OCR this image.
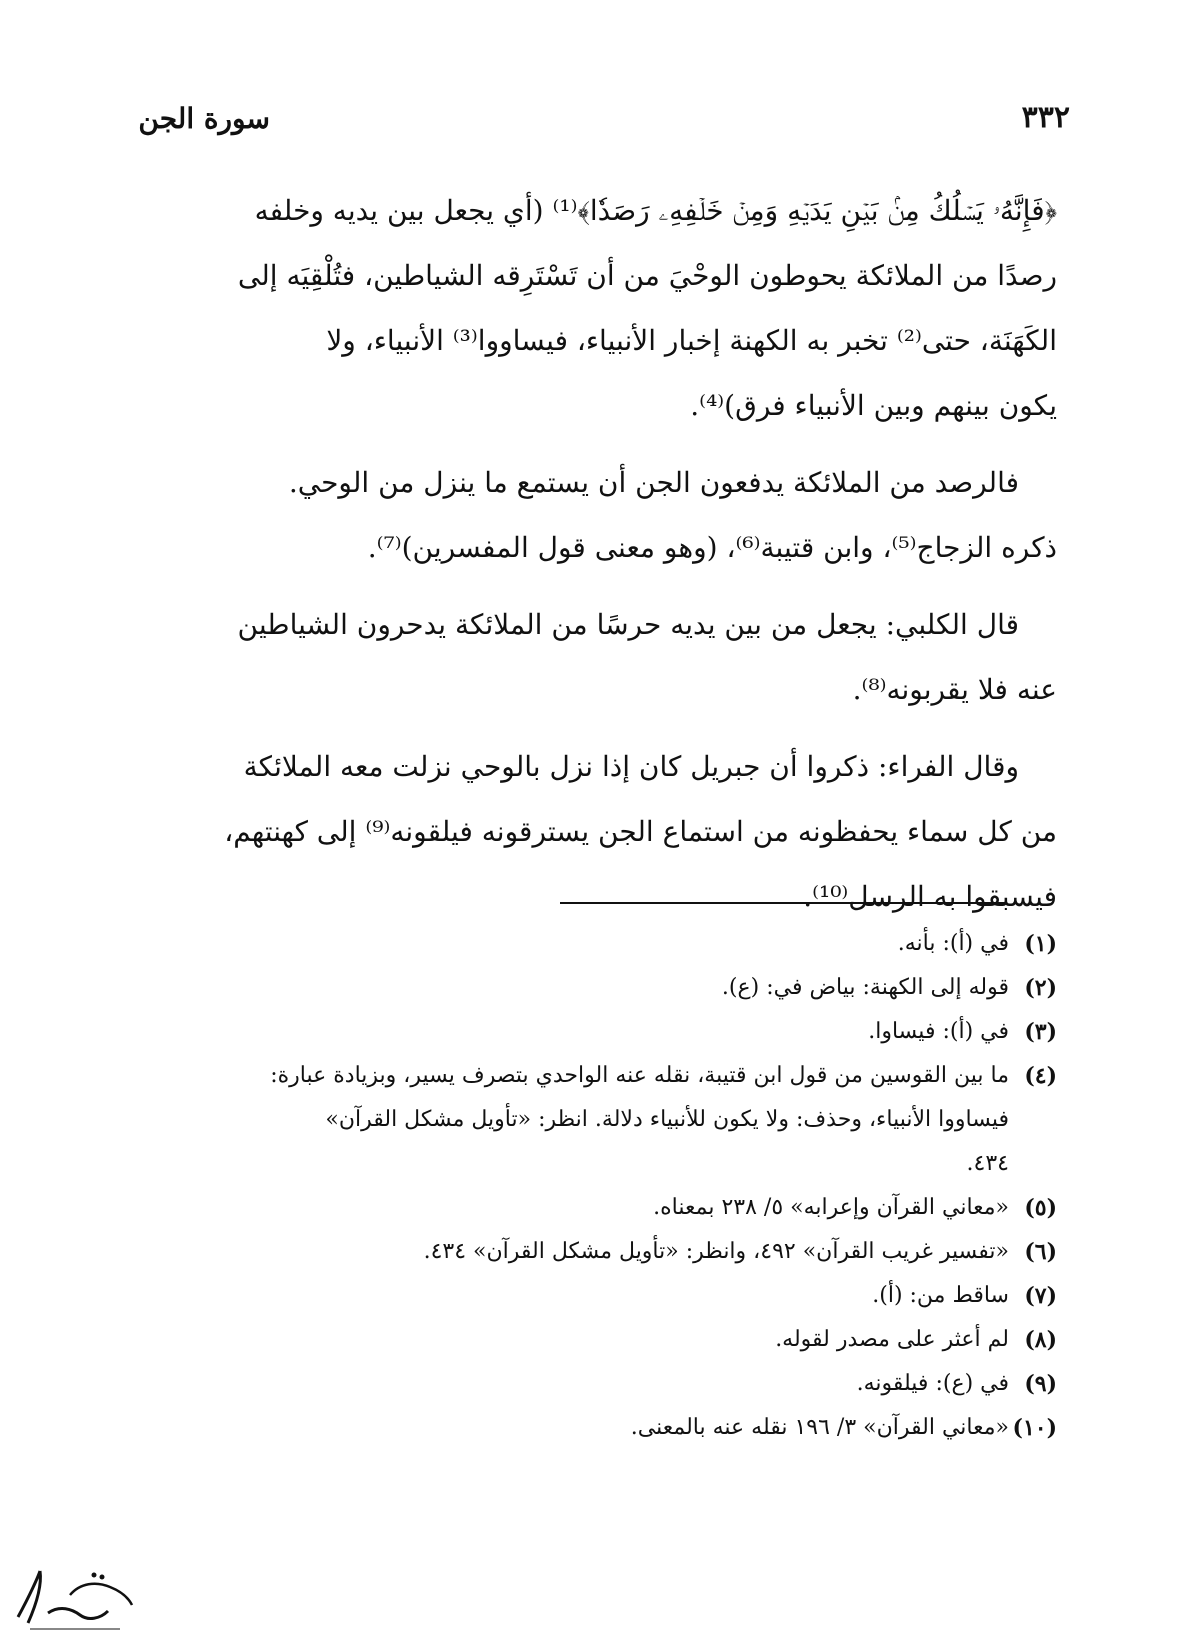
سورة الجن	٣٣٢

﴿فَإِنَّهُۥ يَسۡلُكُ مِنۢ بَيۡنِ يَدَيۡهِ وَمِنۡ خَلۡفِهِۦ رَصَدٗا﴾⁽¹⁾ (أي يجعل بين يديه وخلفه
رصدًا من الملائكة يحوطون الوحْيَ من أن تَسْتَرِقه الشياطين، فتُلْقِيَه إلى
الكَهَنَة، حتى⁽²⁾ تخبر به الكهنة إخبار الأنبياء، فيساووا⁽³⁾ الأنبياء، ولا
يكون بينهم وبين الأنبياء فرق)⁽⁴⁾.

فالرصد من الملائكة يدفعون الجن أن يستمع ما ينزل من الوحي.
ذكره الزجاج⁽⁵⁾، وابن قتيبة⁽⁶⁾، (وهو معنى قول المفسرين)⁽⁷⁾.

قال الكلبي: يجعل من بين يديه حرسًا من الملائكة يدحرون الشياطين
عنه فلا يقربونه⁽⁸⁾.

وقال الفراء: ذكروا أن جبريل كان إذا نزل بالوحي نزلت معه الملائكة
من كل سماء يحفظونه من استماع الجن يسترقونه فيلقونه⁽⁹⁾ إلى كهنتهم،
فيسبقوا به الرسل⁽¹⁰⁾.

(١)
في (أ): بأنه.
(٢)
قوله إلى الكهنة: بياض في: (ع).
(٣)
في (أ): فيساوا.
(٤)
ما بين القوسين من قول ابن قتيبة، نقله عنه الواحدي بتصرف يسير، وبزيادة عبارة:
فيساووا الأنبياء، وحذف: ولا يكون للأنبياء دلالة. انظر: «تأويل مشكل القرآن»
٤٣٤.
(٥)
«معاني القرآن وإعرابه» ٥/ ٢٣٨ بمعناه.
(٦)
«تفسير غريب القرآن» ٤٩٢، وانظر: «تأويل مشكل القرآن» ٤٣٤.
(٧)
ساقط من: (أ).
(٨)
لم أعثر على مصدر لقوله.
(٩)
في (ع): فيلقونه.
(١٠)
«معاني القرآن» ٣/ ١٩٦ نقله عنه بالمعنى.
